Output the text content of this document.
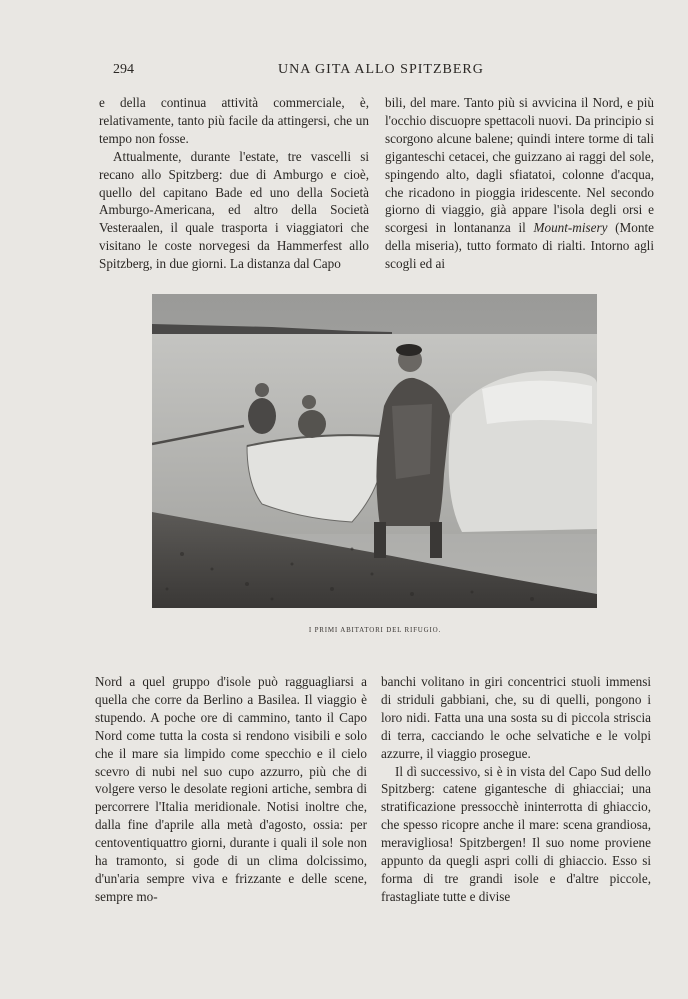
294	UNA GITA ALLO SPITZBERG

e della continua attività commerciale, è, relativamente, tanto più facile da attingersi, che un tempo non fosse.

Attualmente, durante l'estate, tre vascelli si recano allo Spitzberg: due di Amburgo e cioè, quello del capitano Bade ed uno della Società Amburgo-Americana, ed altro della Società Vesteraalen, il quale trasporta i viaggiatori che visitano le coste norvegesi da Hammerfest allo Spitzberg, in due giorni. La distanza dal Capo

bili, del mare. Tanto più si avvicina il Nord, e più l'occhio discuopre spettacoli nuovi. Da principio si scorgono alcune balene; quindi intere torme di tali giganteschi cetacei, che guizzano ai raggi del sole, spingendo alto, dagli sfiatatoi, colonne d'acqua, che ricadono in pioggia iridescente. Nel secondo giorno di viaggio, già appare l'isola degli orsi e scorgesi in lontananza il Mount-misery (Monte della miseria), tutto formato di rialti. Intorno agli scogli ed ai

I PRIMI ABITATORI DEL RIFUGIO.

Nord a quel gruppo d'isole può ragguagliarsi a quella che corre da Berlino a Basilea. Il viaggio è stupendo. A poche ore di cammino, tanto il Capo Nord come tutta la costa si rendono visibili e solo che il mare sia limpido come specchio e il cielo scevro di nubi nel suo cupo azzurro, più che di volgere verso le desolate regioni artiche, sembra di percorrere l'Italia meridionale. Notisi inoltre che, dalla fine d'aprile alla metà d'agosto, ossia: per centoventiquattro giorni, durante i quali il sole non ha tramonto, si gode di un clima dolcissimo, d'un'aria sempre viva e frizzante e delle scene, sempre mo-

banchi volitano in giri concentrici stuoli immensi di striduli gabbiani, che, su di quelli, pongono i loro nidi. Fatta una una sosta su di piccola striscia di terra, cacciando le oche selvatiche e le volpi azzurre, il viaggio prosegue.

Il dì successivo, si è in vista del Capo Sud dello Spitzberg: catene gigantesche di ghiacciai; una stratificazione pressocchè ininterrotta di ghiaccio, che spesso ricopre anche il mare: scena grandiosa, meravigliosa! Spitzbergen! Il suo nome proviene appunto da quegli aspri colli di ghiaccio. Esso si forma di tre grandi isole e d'altre piccole, frastagliate tutte e divise
